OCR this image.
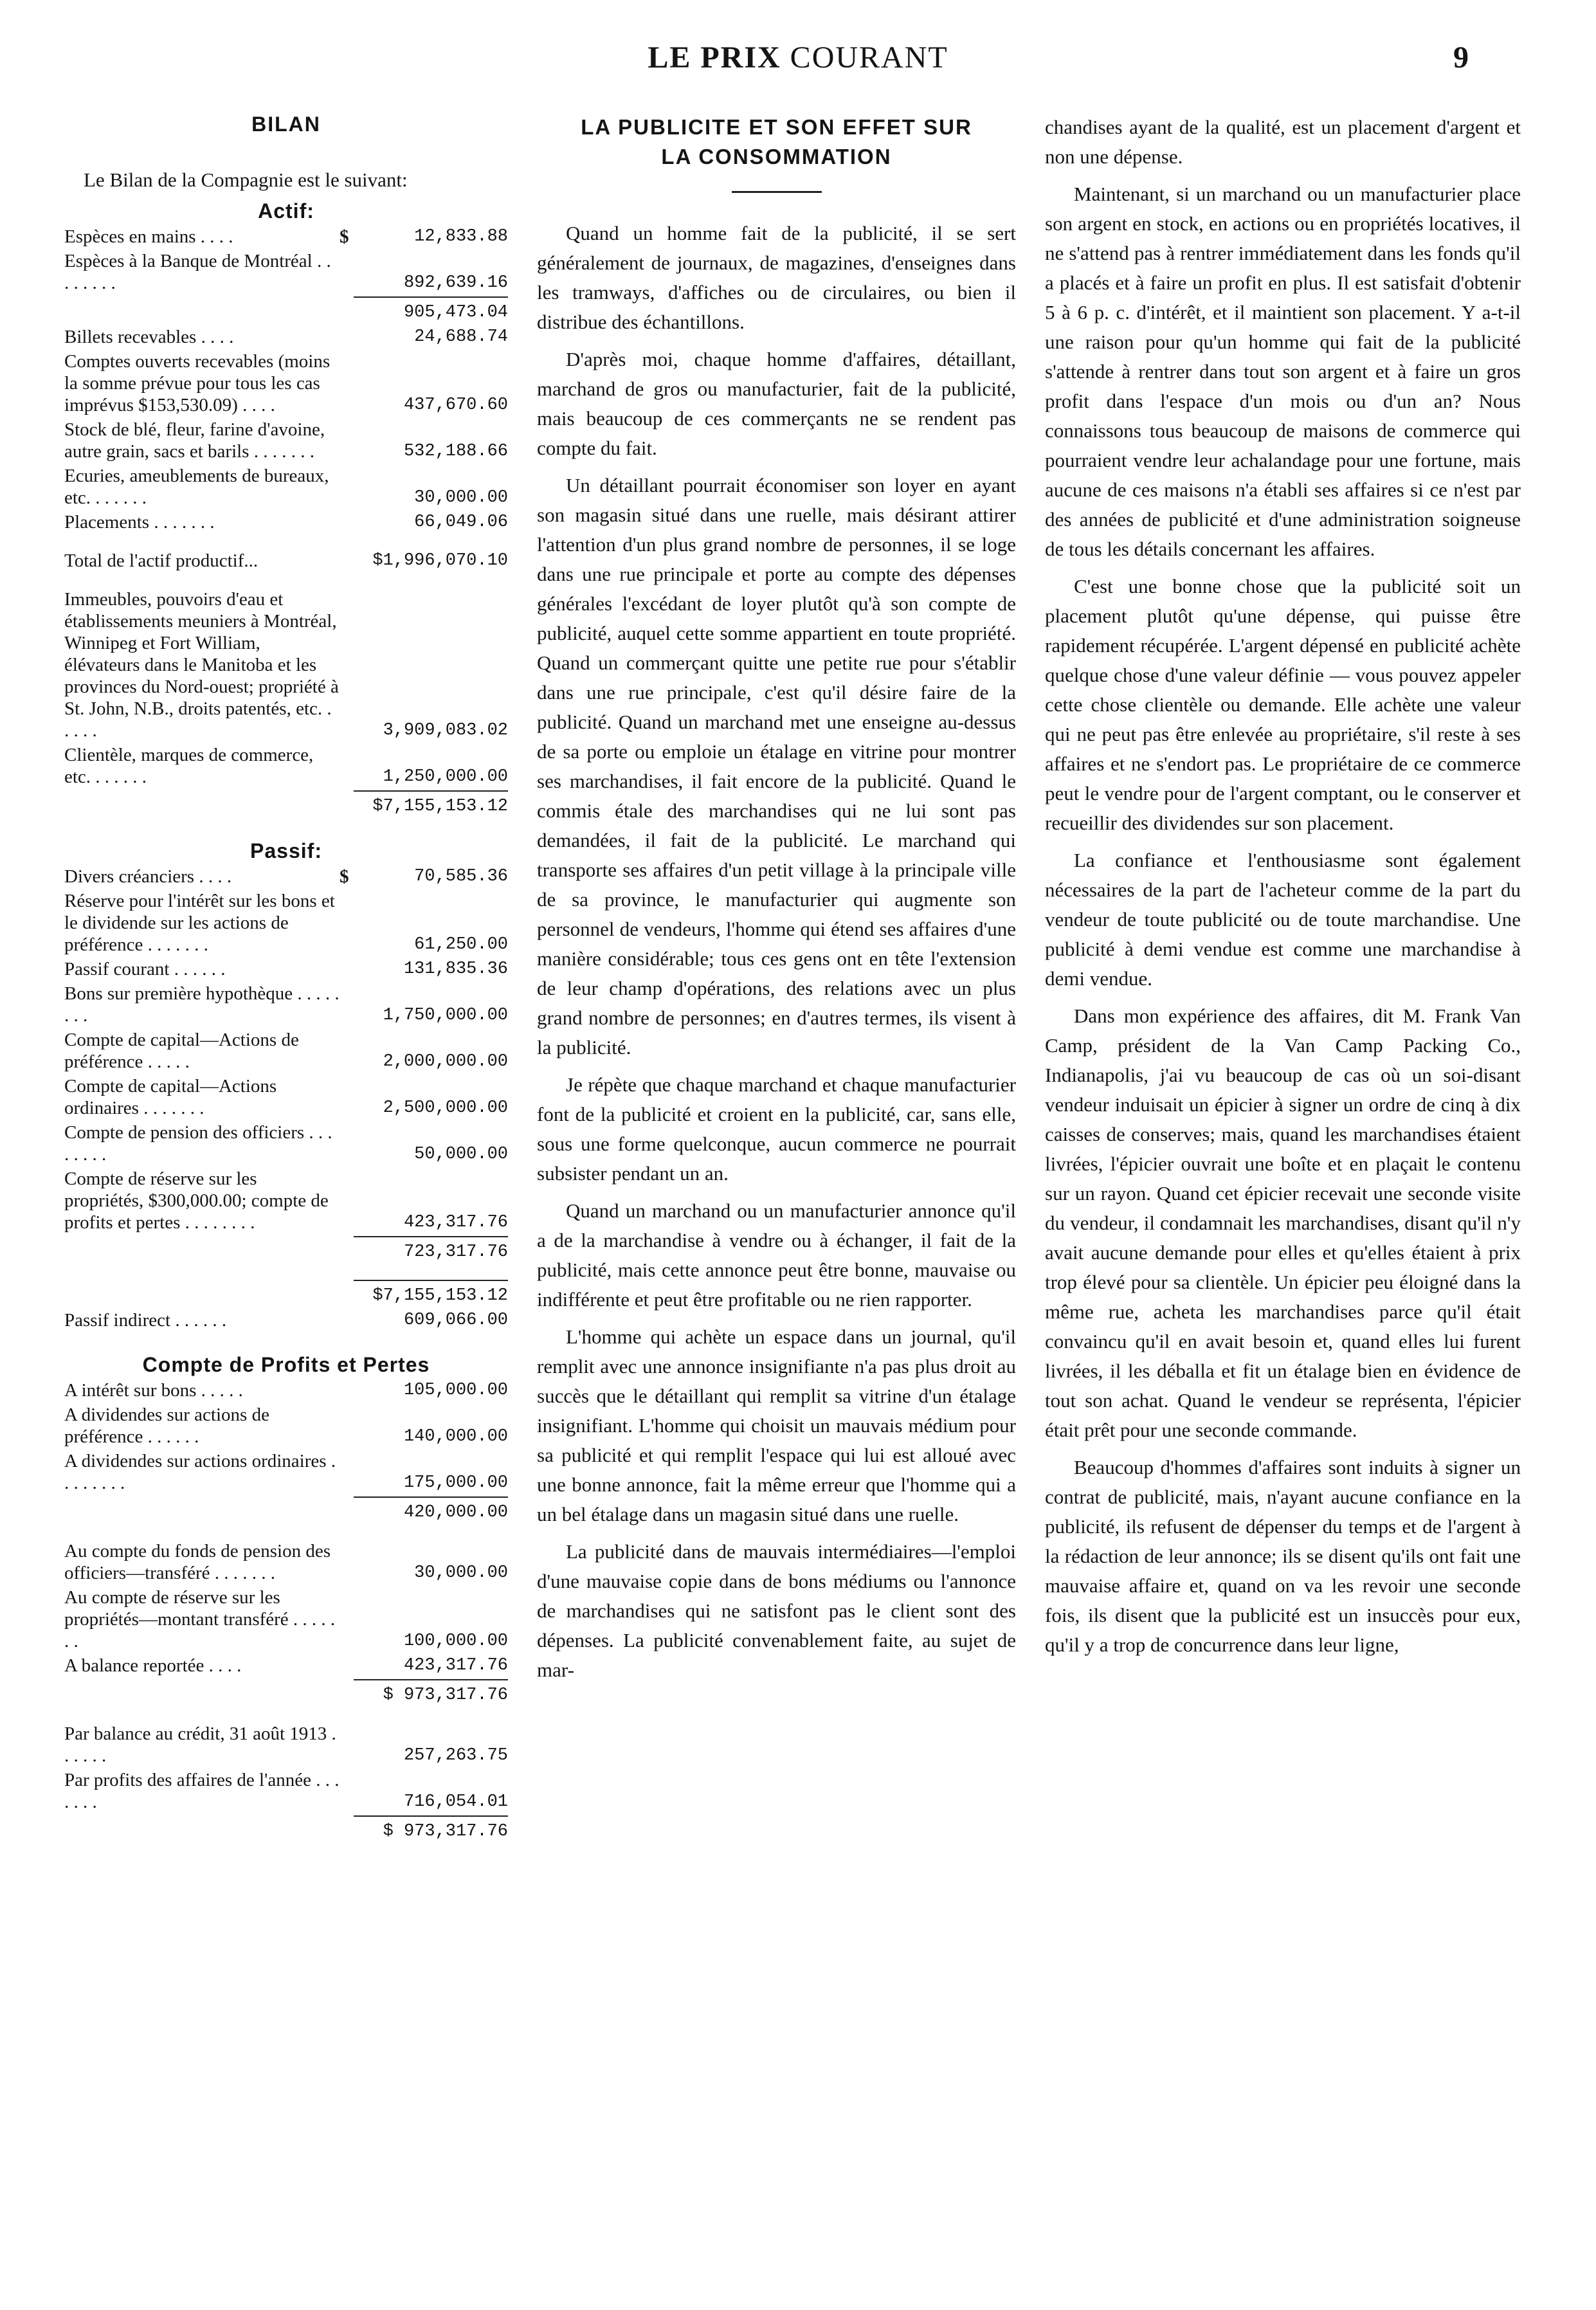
LE PRIX COURANT	9
BILAN

Le Bilan de la Compagnie est le suivant:

Actif:
Espèces en mains . . . .	$	12,833.88
Espèces à la Banque de Montréal . . . . . . . .	892,639.16
905,473.04
Billets recevables . . . .	24,688.74
Comptes ouverts recevables (moins la somme prévue pour tous les cas imprévus $153,530.09) . . . .	437,670.60
Stock de blé, fleur, farine d'avoine, autre grain, sacs et barils . . . . . . .	532,188.66
Ecuries, ameublements de bureaux, etc. . . . . . .	30,000.00
Placements . . . . . . .	66,049.06
Total de l'actif productif...	$1,996,070.10
Immeubles, pouvoirs d'eau et établissements meuniers à Montréal, Winnipeg et Fort William, élévateurs dans le Manitoba et les provinces du Nord-ouest; propriété à St. John, N.B., droits patentés, etc. . . . . .	3,909,083.02
Clientèle, marques de commerce, etc. . . . . . .	1,250,000.00
$7,155,153.12
Passif:
Divers créanciers . . . .	$	70,585.36
Réserve pour l'intérêt sur les bons et le dividende sur les actions de préférence . . . . . . .	61,250.00
Passif courant . . . . . .	131,835.36
Bons sur première hypothèque . . . . . . . .	1,750,000.00
Compte de capital—Actions de préférence . . . . .	2,000,000.00
Compte de capital—Actions ordinaires . . . . . . .	2,500,000.00
Compte de pension des officiers . . . . . . . .	50,000.00
Compte de réserve sur les propriétés, $300,000.00; compte de profits et pertes . . . . . . . .	423,317.76
723,317.76
$7,155,153.12
Passif indirect . . . . . .	609,066.00
Compte de Profits et Pertes
A intérêt sur bons . . . . .	105,000.00
A dividendes sur actions de préférence . . . . . .	140,000.00
A dividendes sur actions ordinaires . . . . . . . .	175,000.00
420,000.00
Au compte du fonds de pension des officiers—transféré . . . . . . .	30,000.00
Au compte de réserve sur les propriétés—montant transféré . . . . . . .	100,000.00
A balance reportée . . . .	423,317.76
$ 973,317.76
Par balance au crédit, 31 août 1913 . . . . . .	257,263.75
Par profits des affaires de l'année . . . . . . .	716,054.01
$ 973,317.76
LA PUBLICITE ET SON EFFET SUR
LA CONSOMMATION

Quand un homme fait de la publicité, il se sert généralement de journaux, de magazines, d'enseignes dans les tramways, d'affiches ou de circulaires, ou bien il distribue des échantillons.

D'après moi, chaque homme d'affaires, détaillant, marchand de gros ou manufacturier, fait de la publicité, mais beaucoup de ces commerçants ne se rendent pas compte du fait.

Un détaillant pourrait économiser son loyer en ayant son magasin situé dans une ruelle, mais désirant attirer l'attention d'un plus grand nombre de personnes, il se loge dans une rue principale et porte au compte des dépenses générales l'excédant de loyer plutôt qu'à son compte de publicité, auquel cette somme appartient en toute propriété. Quand un commerçant quitte une petite rue pour s'établir dans une rue principale, c'est qu'il désire faire de la publicité. Quand un marchand met une enseigne au-dessus de sa porte ou emploie un étalage en vitrine pour montrer ses marchandises, il fait encore de la publicité. Quand le commis étale des marchandises qui ne lui sont pas demandées, il fait de la publicité. Le marchand qui transporte ses affaires d'un petit village à la principale ville de sa province, le manufacturier qui augmente son personnel de vendeurs, l'homme qui étend ses affaires d'une manière considérable; tous ces gens ont en tête l'extension de leur champ d'opérations, des relations avec un plus grand nombre de personnes; en d'autres termes, ils visent à la publicité.

Je répète que chaque marchand et chaque manufacturier font de la publicité et croient en la publicité, car, sans elle, sous une forme quelconque, aucun commerce ne pourrait subsister pendant un an.

Quand un marchand ou un manufacturier annonce qu'il a de la marchandise à vendre ou à échanger, il fait de la publicité, mais cette annonce peut être bonne, mauvaise ou indifférente et peut être profitable ou ne rien rapporter.

L'homme qui achète un espace dans un journal, qu'il remplit avec une annonce insignifiante n'a pas plus droit au succès que le détaillant qui remplit sa vitrine d'un étalage insignifiant. L'homme qui choisit un mauvais médium pour sa publicité et qui remplit l'espace qui lui est alloué avec une bonne annonce, fait la même erreur que l'homme qui a un bel étalage dans un magasin situé dans une ruelle.

La publicité dans de mauvais intermédiaires—l'emploi d'une mauvaise copie dans de bons médiums ou l'annonce de marchandises qui ne satisfont pas le client sont des dépenses. La publicité convenablement faite, au sujet de mar-

chandises ayant de la qualité, est un placement d'argent et non une dépense.

Maintenant, si un marchand ou un manufacturier place son argent en stock, en actions ou en propriétés locatives, il ne s'attend pas à rentrer immédiatement dans les fonds qu'il a placés et à faire un profit en plus. Il est satisfait d'obtenir 5 à 6 p. c. d'intérêt, et il maintient son placement. Y a-t-il une raison pour qu'un homme qui fait de la publicité s'attende à rentrer dans tout son argent et à faire un gros profit dans l'espace d'un mois ou d'un an? Nous connaissons tous beaucoup de maisons de commerce qui pourraient vendre leur achalandage pour une fortune, mais aucune de ces maisons n'a établi ses affaires si ce n'est par des années de publicité et d'une administration soigneuse de tous les détails concernant les affaires.

C'est une bonne chose que la publicité soit un placement plutôt qu'une dépense, qui puisse être rapidement récupérée. L'argent dépensé en publicité achète quelque chose d'une valeur définie — vous pouvez appeler cette chose clientèle ou demande. Elle achète une valeur qui ne peut pas être enlevée au propriétaire, s'il reste à ses affaires et ne s'endort pas. Le propriétaire de ce commerce peut le vendre pour de l'argent comptant, ou le conserver et recueillir des dividendes sur son placement.

La confiance et l'enthousiasme sont également nécessaires de la part de l'acheteur comme de la part du vendeur de toute publicité ou de toute marchandise. Une publicité à demi vendue est comme une marchandise à demi vendue.

Dans mon expérience des affaires, dit M. Frank Van Camp, président de la Van Camp Packing Co., Indianapolis, j'ai vu beaucoup de cas où un soi-disant vendeur induisait un épicier à signer un ordre de cinq à dix caisses de conserves; mais, quand les marchandises étaient livrées, l'épicier ouvrait une boîte et en plaçait le contenu sur un rayon. Quand cet épicier recevait une seconde visite du vendeur, il condamnait les marchandises, disant qu'il n'y avait aucune demande pour elles et qu'elles étaient à prix trop élevé pour sa clientèle. Un épicier peu éloigné dans la même rue, acheta les marchandises parce qu'il était convaincu qu'il en avait besoin et, quand elles lui furent livrées, il les déballa et fit un étalage bien en évidence de tout son achat. Quand le vendeur se représenta, l'épicier était prêt pour une seconde commande.

Beaucoup d'hommes d'affaires sont induits à signer un contrat de publicité, mais, n'ayant aucune confiance en la publicité, ils refusent de dépenser du temps et de l'argent à la rédaction de leur annonce; ils se disent qu'ils ont fait une mauvaise affaire et, quand on va les revoir une seconde fois, ils disent que la publicité est un insuccès pour eux, qu'il y a trop de concurrence dans leur ligne,
